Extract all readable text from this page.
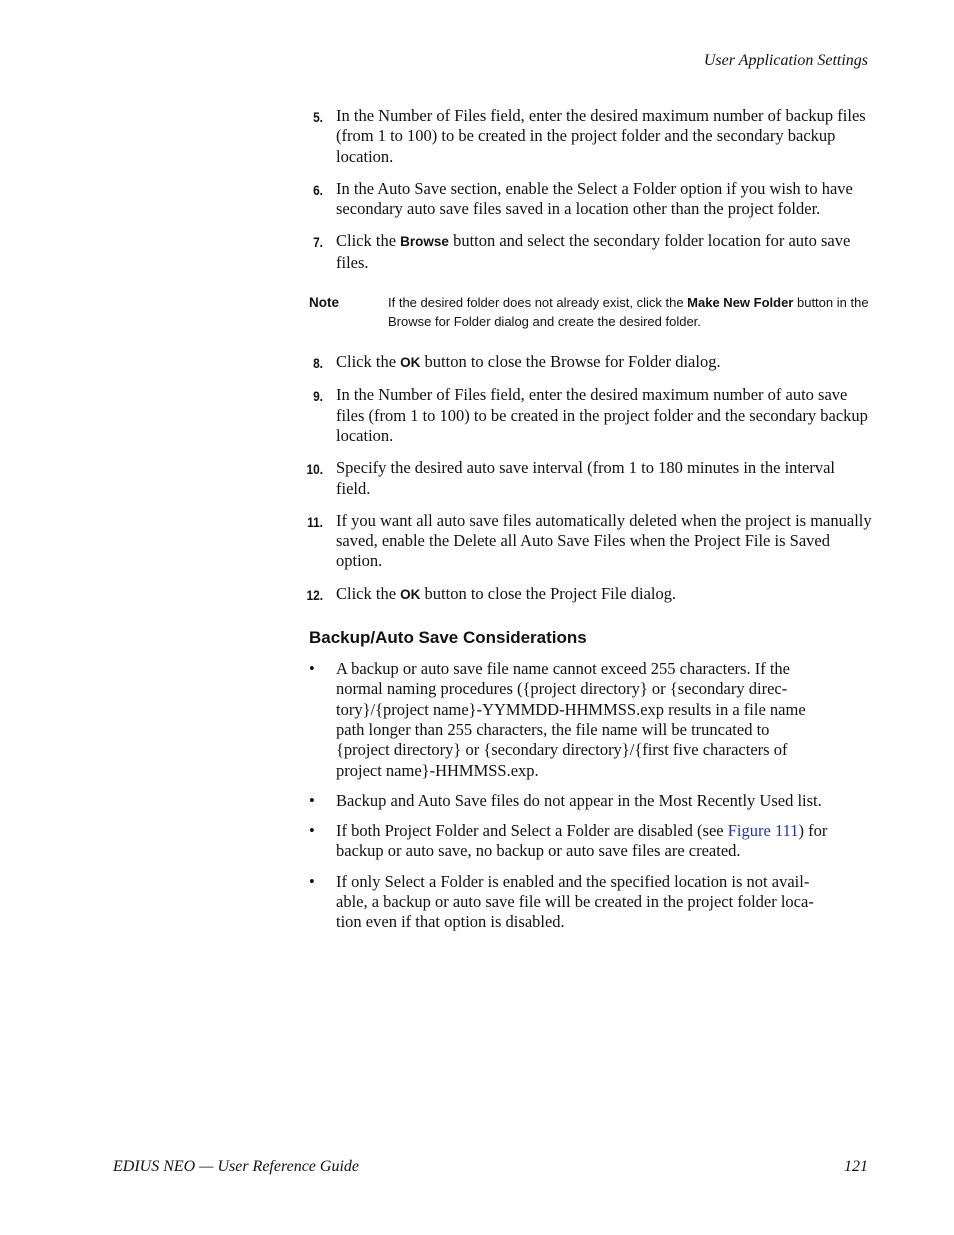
User Application Settings
5. In the Number of Files field, enter the desired maximum number of backup files (from 1 to 100) to be created in the project folder and the secondary backup location.
6. In the Auto Save section, enable the Select a Folder option if you wish to have secondary auto save files saved in a location other than the project folder.
7. Click the Browse button and select the secondary folder location for auto save files.
Note	If the desired folder does not already exist, click the Make New Folder button in the Browse for Folder dialog and create the desired folder.
8. Click the OK button to close the Browse for Folder dialog.
9. In the Number of Files field, enter the desired maximum number of auto save files (from 1 to 100) to be created in the project folder and the secondary backup location.
10. Specify the desired auto save interval (from 1 to 180 minutes in the interval field.
11. If you want all auto save files automatically deleted when the project is manually saved, enable the Delete all Auto Save Files when the Project File is Saved option.
12. Click the OK button to close the Project File dialog.
Backup/Auto Save Considerations
• A backup or auto save file name cannot exceed 255 characters. If the
normal naming procedures ({project directory} or {secondary direc-
tory}/{project name}-YYMMDD-HHMMSS.exp results in a file name
path longer than 255 characters, the file name will be truncated to
{project directory} or {secondary directory}/{first five characters of
project name}-HHMMSS.exp.
• Backup and Auto Save files do not appear in the Most Recently Used list.
• If both Project Folder and Select a Folder are disabled (see Figure 111) for backup or auto save, no backup or auto save files are created.
• If only Select a Folder is enabled and the specified location is not avail-
able, a backup or auto save file will be created in the project folder loca-
tion even if that option is disabled.
EDIUS NEO — User Reference Guide	121
